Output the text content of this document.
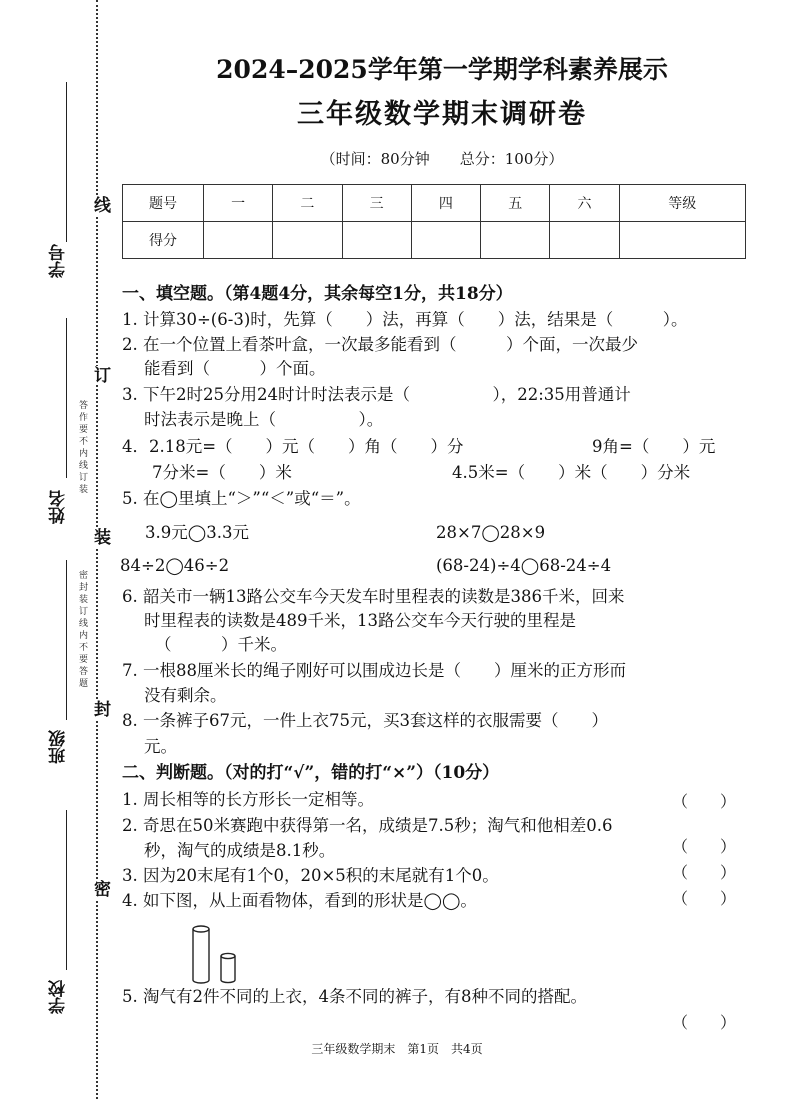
学号
姓名
班级
学校
线
订
装
封
密
答作要不内线订装
密封装订线内不要答题
2024–2025学年第一学期学科素养展示
三年级数学期末调研卷
（时间：80分钟　　总分：100分）
题号	一	二	三	四	五	六	等级
得分							
一、填空题。（第4题4分，其余每空1分，共18分）
1. 计算30÷(6-3)时，先算（　　）法，再算（　　）法，结果是（　　　）。
2. 在一个位置上看茶叶盒，一次最多能看到（　　　）个面，一次最少
能看到（　　　）个面。
3. 下午2时25分用24时计时法表示是（　　　　　），22:35用普通计
时法表示是晚上（　　　　　）。
4．2.18元=（　　）元（　　）角（　　）分	9角=（　　）元
7分米=（　　）米	4.5米=（　　）米（　　）分米
5. 在◯里填上“＞”“＜”或“＝”。
3.9元◯3.3元	28×7◯28×9
84÷2◯46÷2	(68-24)÷4◯68-24÷4
6. 韶关市一辆13路公交车今天发车时里程表的读数是386千米，回来
时里程表的读数是489千米，13路公交车今天行驶的里程是
（　　　）千米。
7. 一根88厘米长的绳子刚好可以围成边长是（　　）厘米的正方形而
没有剩余。
8. 一条裤子67元，一件上衣75元，买3套这样的衣服需要（　　）
元。
二、判断题。（对的打“√”，错的打“×”）（10分）
1. 周长相等的长方形长一定相等。	（　　）
2. 奇思在50米赛跑中获得第一名，成绩是7.5秒；淘气和他相差0.6
秒，淘气的成绩是8.1秒。	（　　）
3. 因为20末尾有1个0，20×5积的末尾就有1个0。	（　　）
4. 如下图，从上面看物体，看到的形状是◯◯。	（　　）
5. 淘气有2件不同的上衣，4条不同的裤子，有8种不同的搭配。
（　　）
三年级数学期末　第1页　共4页
